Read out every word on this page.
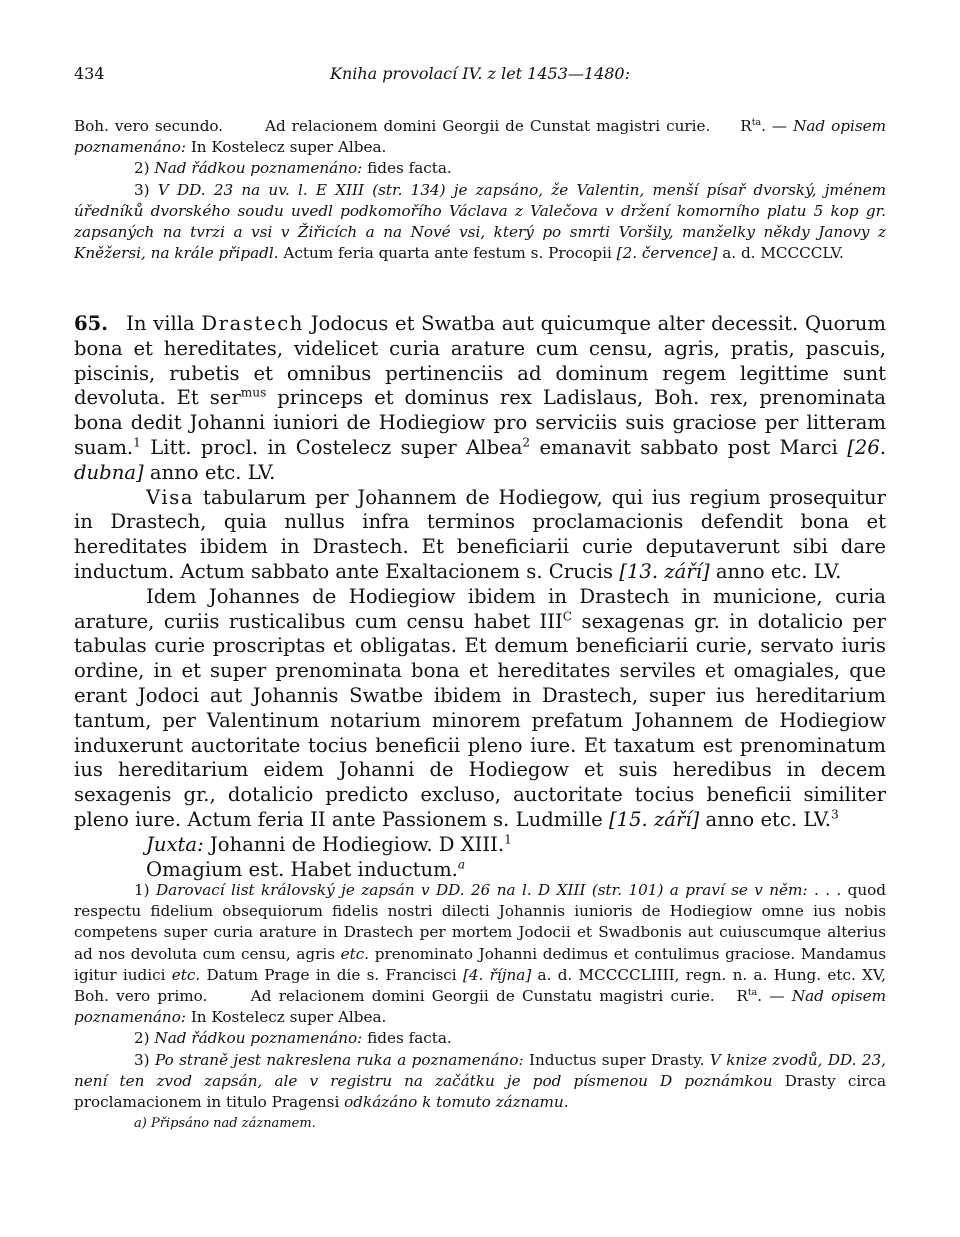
434	Kniha provolací IV. z let 1453—1480:

Boh. vero secundo.	Ad relacionem domini Georgii de Cunstat magistri curie. $R^{ta}$. — Nad opisem poznamenáno: In Kostelecz super Albea.

2) Nad řádkou poznamenáno: fides facta.

3) V DD. 23 na uv. l. E XIII (str. 134) je zapsáno, že Valentin, menší písař dvorský, jménem úředníků dvorského soudu uvedl podkomořího Václava z Valečova v držení komorního platu 5 kop gr. zapsaných na tvrzi a vsi v Žiřicích a na Nové vsi, který po smrti Voršily, manželky někdy Janovy z Kněžersi, na krále připadl. Actum feria quarta ante festum s. Procopii [2. července] a. d. MCCCCLV.

65. In villa Drastech Jodocus et Swatba aut quicumque alter decessit. Quorum bona et hereditates, videlicet curia arature cum censu, agris, pratis, pascuis, piscinis, rubetis et omnibus pertinenciis ad dominum regem legittime sunt devoluta. Et ser$^{mus}$ princeps et dominus rex Ladislaus, Boh. rex, prenominata bona dedit Johanni iuniori de Hodiegiow pro serviciis suis graciose per litteram suam.$^1$ Litt. procl. in Costelecz super Albea$^2$ emanavit sabbato post Marci [26. dubna] anno etc. LV.

Visa tabularum per Johannem de Hodiegow, qui ius regium prosequitur in Drastech, quia nullus infra terminos proclamacionis defendit bona et hereditates ibidem in Drastech. Et beneficiarii curie deputaverunt sibi dare inductum. Actum sabbato ante Exaltacionem s. Crucis [13. září] anno etc. LV.

Idem Johannes de Hodiegiow ibidem in Drastech in municione, curia arature, curiis rusticalibus cum censu habet $III^C$ sexagenas gr. in dotalicio per tabulas curie proscriptas et obligatas. Et demum beneficiarii curie, servato iuris ordine, in et super prenominata bona et hereditates serviles et omagiales, que erant Jodoci aut Johannis Swatbe ibidem in Drastech, super ius hereditarium tantum, per Valentinum notarium minorem prefatum Johannem de Hodiegiow induxerunt auctoritate tocius beneficii pleno iure. Et taxatum est prenominatum ius hereditarium eidem Johanni de Hodiegow et suis heredibus in decem sexagenis gr., dotalicio predicto excluso, auctoritate tocius beneficii similiter pleno iure. Actum feria II ante Passionem s. Ludmille [15. září] anno etc. LV.$^3$

Juxta: Johanni de Hodiegiow. D XIII.$^1$

Omagium est. Habet inductum.$^a$

1) Darovací list královský je zapsán v DD. 26 na l. D XIII (str. 101) a praví se v něm: . . . quod respectu fidelium obsequiorum fidelis nostri dilecti Johannis iunioris de Hodiegiow omne ius nobis competens super curia arature in Drastech per mortem Jodocii et Swadbonis aut cuiuscumque alterius ad nos devoluta cum censu, agris etc. prenominato Johanni dedimus et contulimus graciose. Mandamus igitur iudici etc. Datum Prage in die s. Francisci [4. října] a. d. MCCCCLIIII, regn. n. a. Hung. etc. XV, Boh. vero primo.	Ad relacionem domini Georgii de Cunstatu magistri curie. $R^{ta}$. — Nad opisem poznamenáno: In Kostelecz super Albea.

2) Nad řádkou poznamenáno: fides facta.

3) Po straně jest nakreslena ruka a poznamenáno: Inductus super Drasty. V knize zvodů, DD. 23, není ten zvod zapsán, ale v registru na začátku je pod písmenou D poznámkou Drasty circa proclamacionem in titulo Pragensi odkázáno k tomuto záznamu.

a) Připsáno nad záznamem.
